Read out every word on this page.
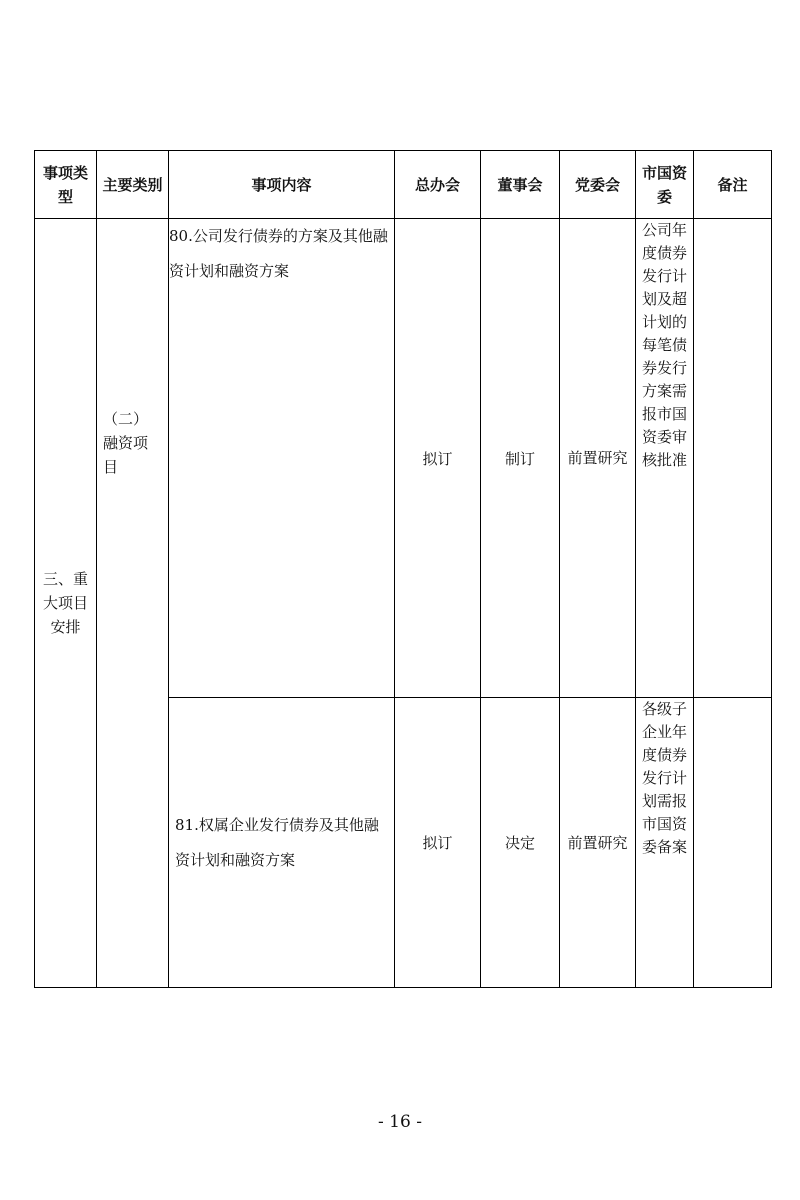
事项类型	主要类别	事项内容	总办会	董事会	党委会	市国资委	备注

三、重大项目安排	（二）融资项目	80.公司发行债券的方案及其他融资计划和融资方案	拟订	制订	前置研究	公司年度债券发行计划及超计划的每笔债券发行方案需报市国资委审核批准	

		81.权属企业发行债券及其他融资计划和融资方案	拟订	决定	前置研究	各级子企业年度债券发行计划需报市国资委备案	

- 16 -
